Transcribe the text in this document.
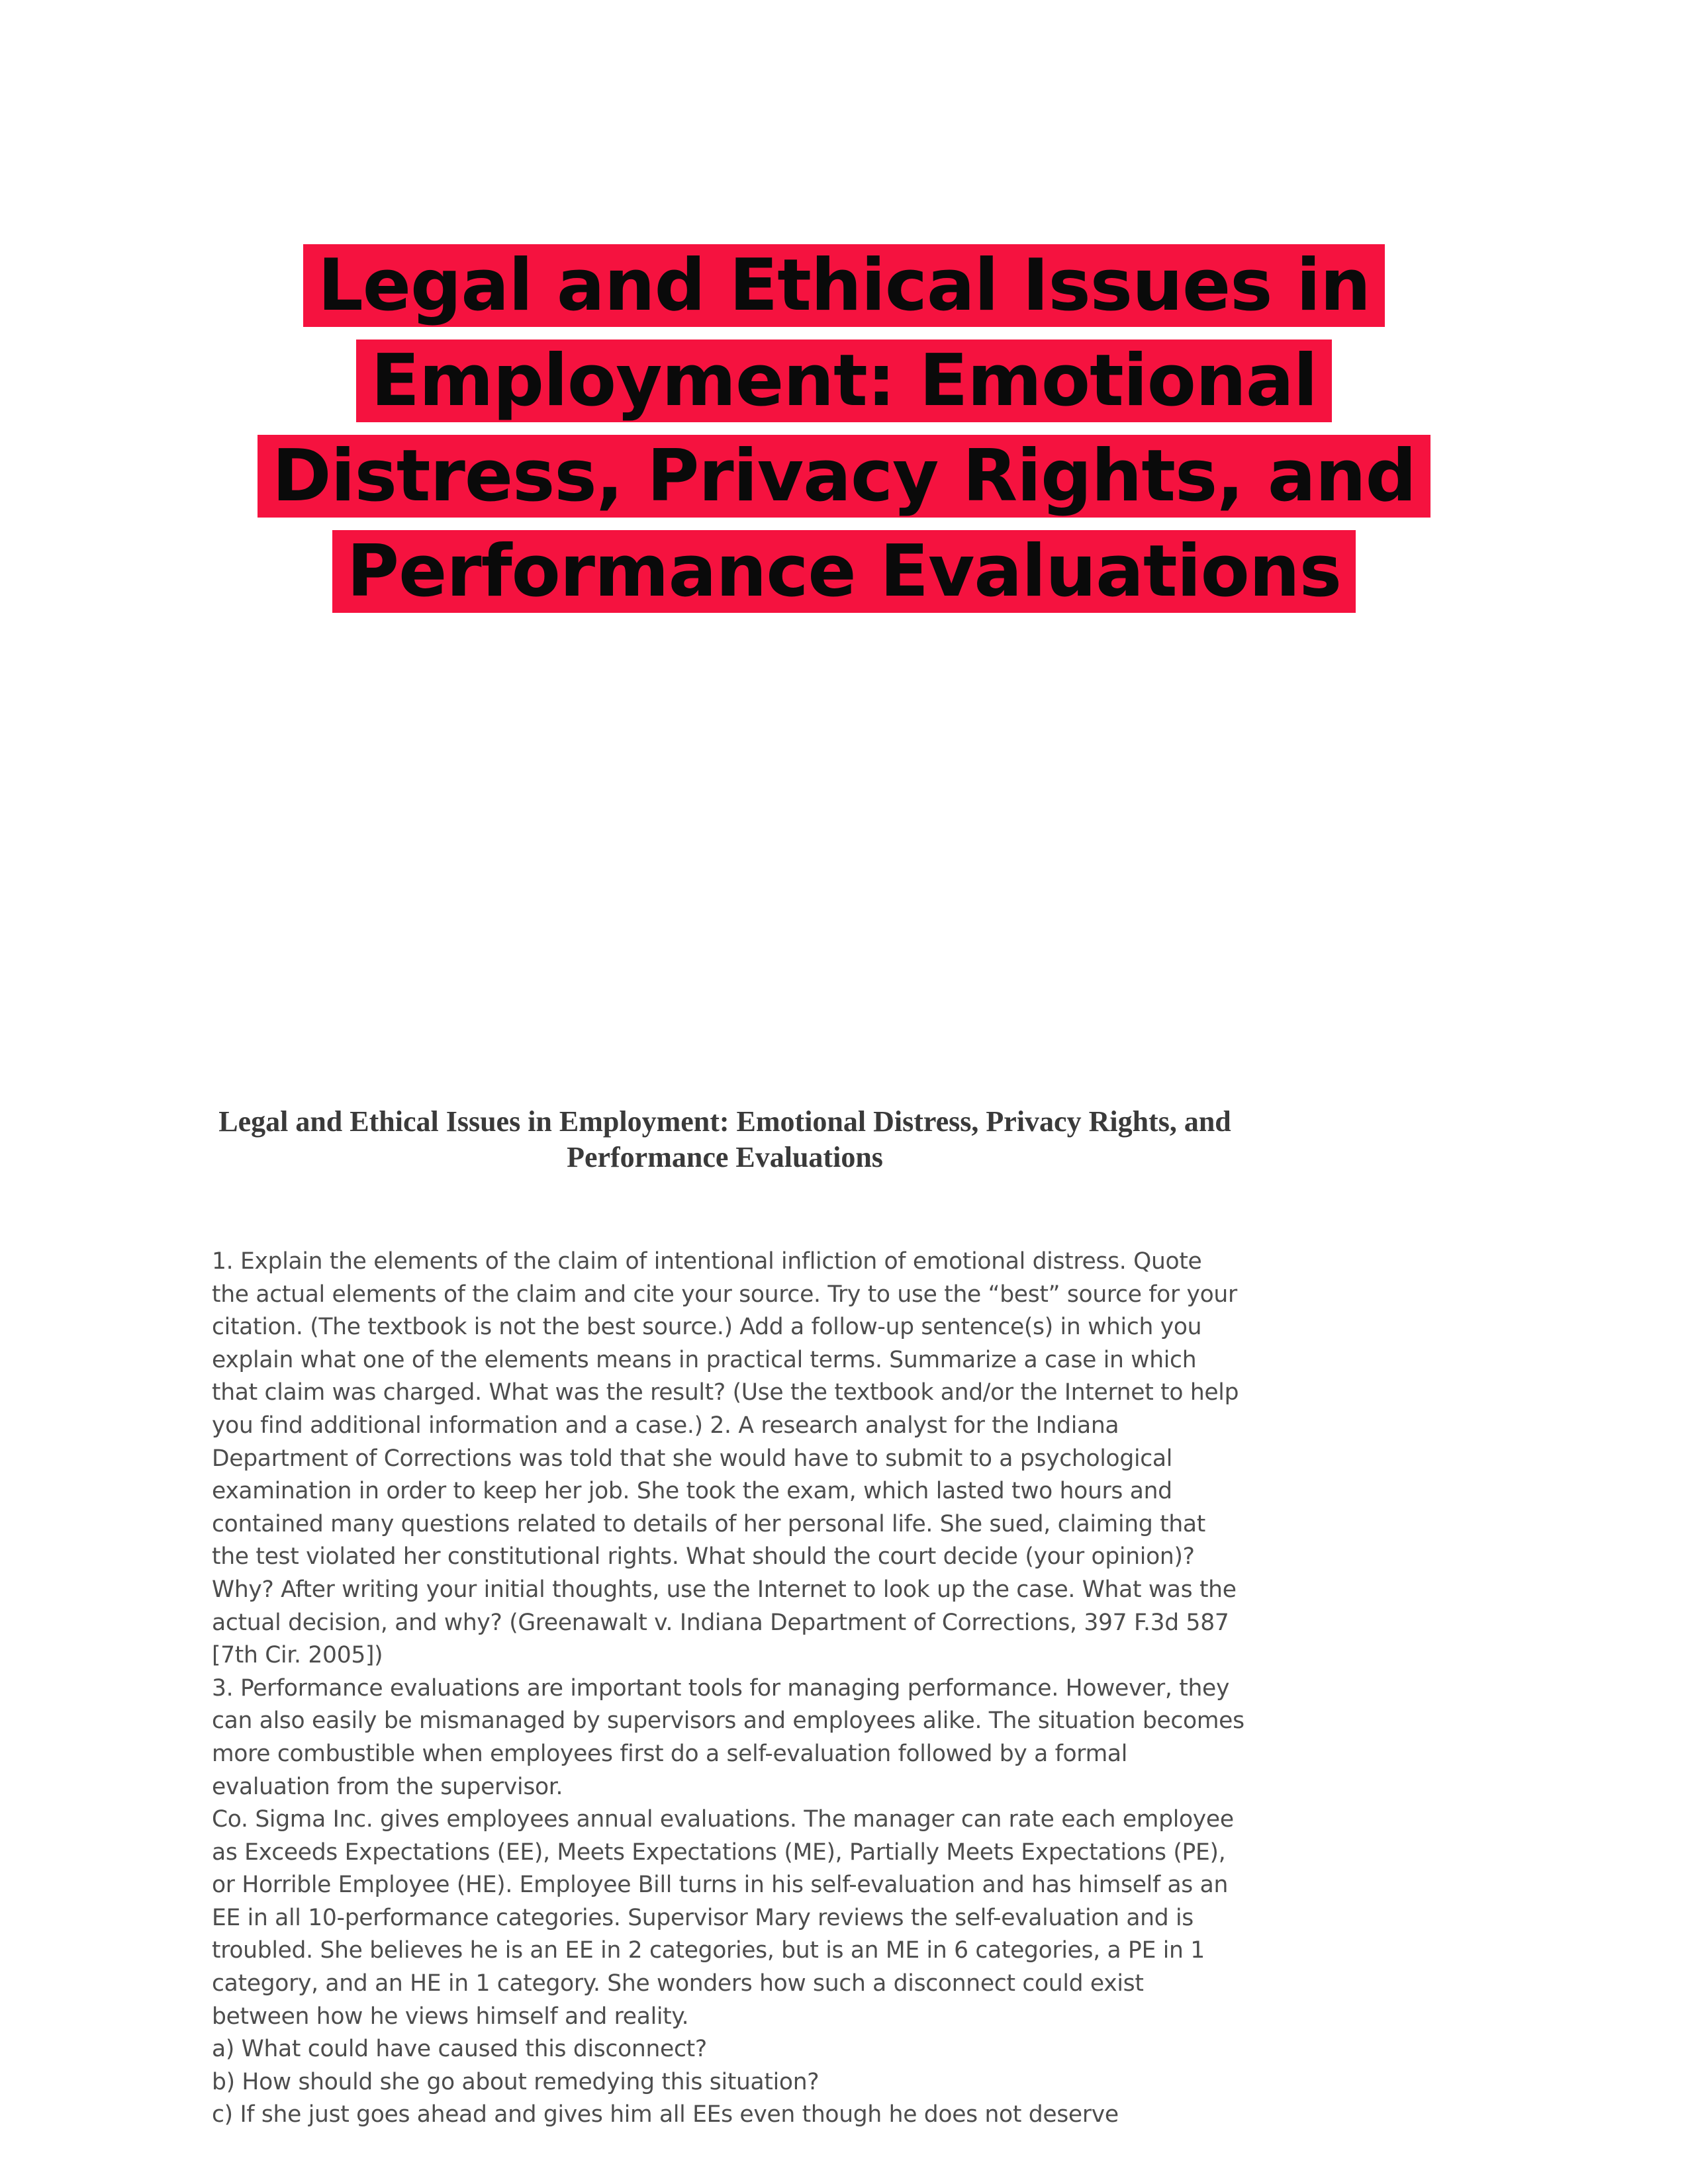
Legal and Ethical Issues in Employment: Emotional Distress, Privacy Rights, and Performance Evaluations
Legal and Ethical Issues in Employment: Emotional Distress, Privacy Rights, and Performance Evaluations

1. Explain the elements of the claim of intentional infliction of emotional distress. Quote the actual elements of the claim and cite your source. Try to use the “best” source for your citation. (The textbook is not the best source.) Add a follow-up sentence(s) in which you explain what one of the elements means in practical terms. Summarize a case in which that claim was charged. What was the result? (Use the textbook and/or the Internet to help you find additional information and a case.) 2. A research analyst for the Indiana Department of Corrections was told that she would have to submit to a psychological examination in order to keep her job. She took the exam, which lasted two hours and contained many questions related to details of her personal life. She sued, claiming that the test violated her constitutional rights. What should the court decide (your opinion)? Why? After writing your initial thoughts, use the Internet to look up the case. What was the actual decision, and why? (Greenawalt v. Indiana Department of Corrections, 397 F.3d 587 [7th Cir. 2005])

3. Performance evaluations are important tools for managing performance. However, they can also easily be mismanaged by supervisors and employees alike. The situation becomes more combustible when employees first do a self-evaluation followed by a formal evaluation from the supervisor.

Co. Sigma Inc. gives employees annual evaluations. The manager can rate each employee as Exceeds Expectations (EE), Meets Expectations (ME), Partially Meets Expectations (PE), or Horrible Employee (HE). Employee Bill turns in his self-evaluation and has himself as an EE in all 10-performance categories. Supervisor Mary reviews the self-evaluation and is troubled. She believes he is an EE in 2 categories, but is an ME in 6 categories, a PE in 1 category, and an HE in 1 category. She wonders how such a disconnect could exist between how he views himself and reality.

a) What could have caused this disconnect?

b) How should she go about remedying this situation?

c) If she just goes ahead and gives him all EEs even though he does not deserve
